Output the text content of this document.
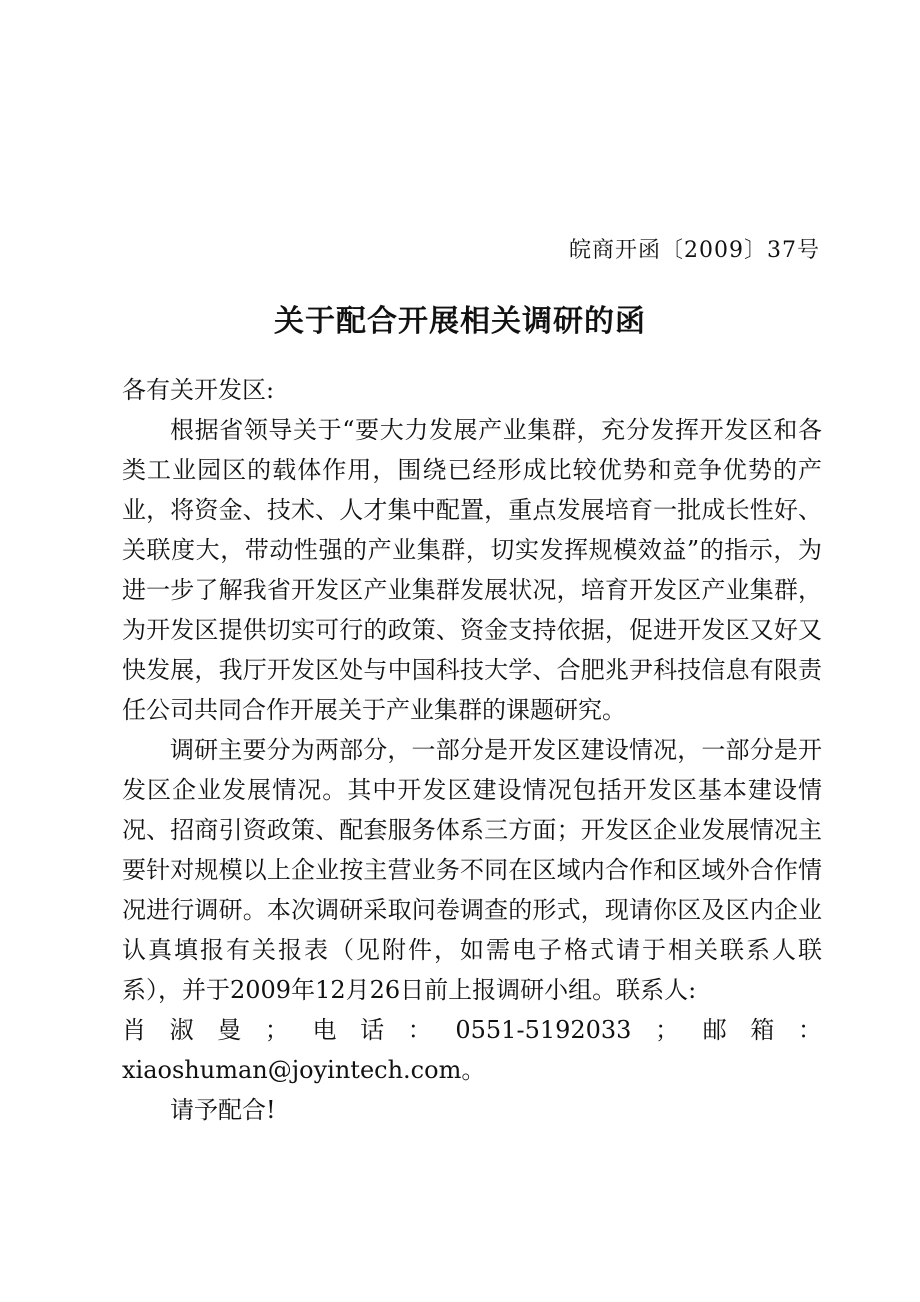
皖商开函〔2009〕37号
关于配合开展相关调研的函

各有关开发区:

根据省领导关于“要大力发展产业集群，充分发挥开发区和各类工业园区的载体作用，围绕已经形成比较优势和竞争优势的产业，将资金、技术、人才集中配置，重点发展培育一批成长性好、关联度大，带动性强的产业集群，切实发挥规模效益”的指示，为进一步了解我省开发区产业集群发展状况，培育开发区产业集群，为开发区提供切实可行的政策、资金支持依据，促进开发区又好又快发展，我厅开发区处与中国科技大学、合肥兆尹科技信息有限责任公司共同合作开展关于产业集群的课题研究。

调研主要分为两部分，一部分是开发区建设情况，一部分是开发区企业发展情况。其中开发区建设情况包括开发区基本建设情况、招商引资政策、配套服务体系三方面；开发区企业发展情况主要针对规模以上企业按主营业务不同在区域内合作和区域外合作情况进行调研。本次调研采取问卷调查的形式，现请你区及区内企业认真填报有关报表（见附件，如需电子格式请于相关联系人联系），并于2009年12月26日前上报调研小组。联系人:

肖 淑 曼 ； 电 话 ： 0551-5192033 ； 邮 箱 ：

xiaoshuman@joyintech.com。

请予配合!
